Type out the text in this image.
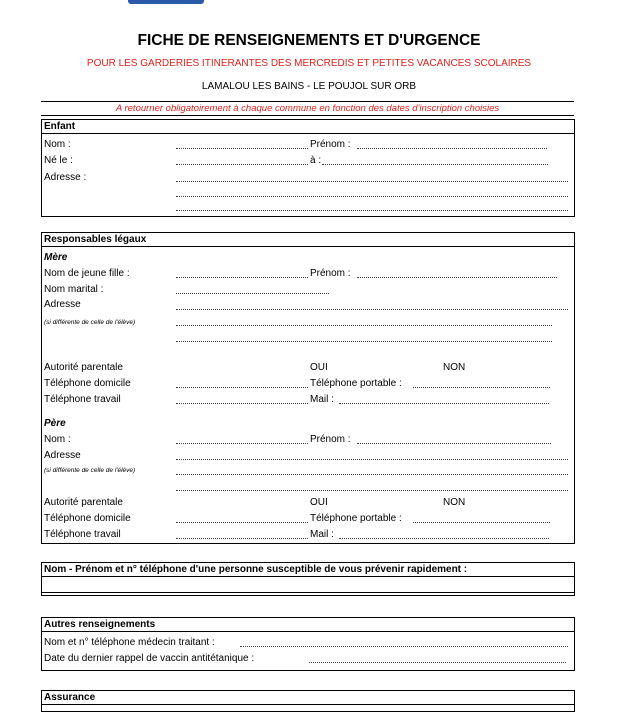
FICHE DE RENSEIGNEMENTS ET D'URGENCE
POUR LES GARDERIES ITINERANTES DES MERCREDIS ET PETITES VACANCES SCOLAIRES
LAMALOU LES BAINS - LE POUJOL SUR ORB
A retourner obligatoirement à chaque commune en fonction des dates d'inscription choisies
Enfant
Nom :	Prénom :
Né le :	à :
Adresse :
Responsables légaux
Mère
Nom de jeune fille :	Prénom :
Nom marital :
Adresse
(si différente de celle de l'élève)
Autorité parentale	OUI	NON
Téléphone domicile	Téléphone portable :
Téléphone travail	Mail :
Père
Nom :	Prénom :
Adresse
(si différente de celle de l'élève)
Autorité parentale	OUI	NON
Téléphone domicile	Téléphone portable :
Téléphone travail	Mail :
Nom - Prénom et n° téléphone d'une personne susceptible de vous prévenir rapidement :
Autres renseignements
Nom et n° téléphone médecin traitant :
Date du dernier rappel de vaccin antitétanique :
Assurance
